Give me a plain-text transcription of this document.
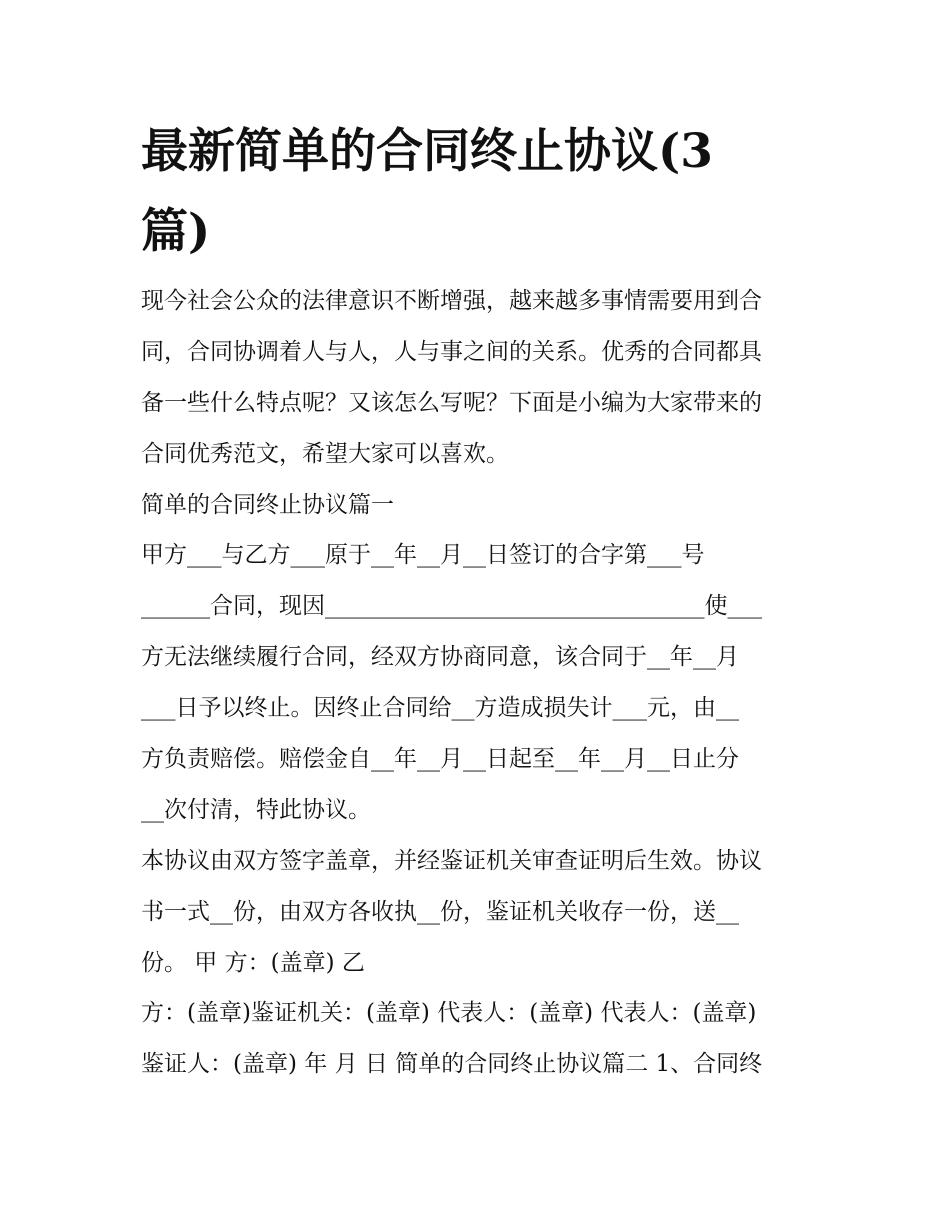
最新简单的合同终止协议(3
篇)
现今社会公众的法律意识不断增强，越来越多事情需要用到合
同，合同协调着人与人，人与事之间的关系。优秀的合同都具
备一些什么特点呢？又该怎么写呢？下面是小编为大家带来的
合同优秀范文，希望大家可以喜欢。
简单的合同终止协议篇一
甲方___与乙方___原于__年__月__日签订的合字第___号
______合同，现因_________________________________使___
方无法继续履行合同，经双方协商同意，该合同于__年__月
___日予以终止。因终止合同给__方造成损失计___元，由__
方负责赔偿。赔偿金自__年__月__日起至__年__月__日止分
__次付清，特此协议。
本协议由双方签字盖章，并经鉴证机关审查证明后生效。协议
书一式__份，由双方各收执__份，鉴证机关收存一份，送__
份。 甲 方：(盖章) 乙
方：(盖章)鉴证机关：(盖章) 代表人：(盖章) 代表人：(盖章)
鉴证人：(盖章) 年 月 日 简单的合同终止协议篇二 1、合同终
